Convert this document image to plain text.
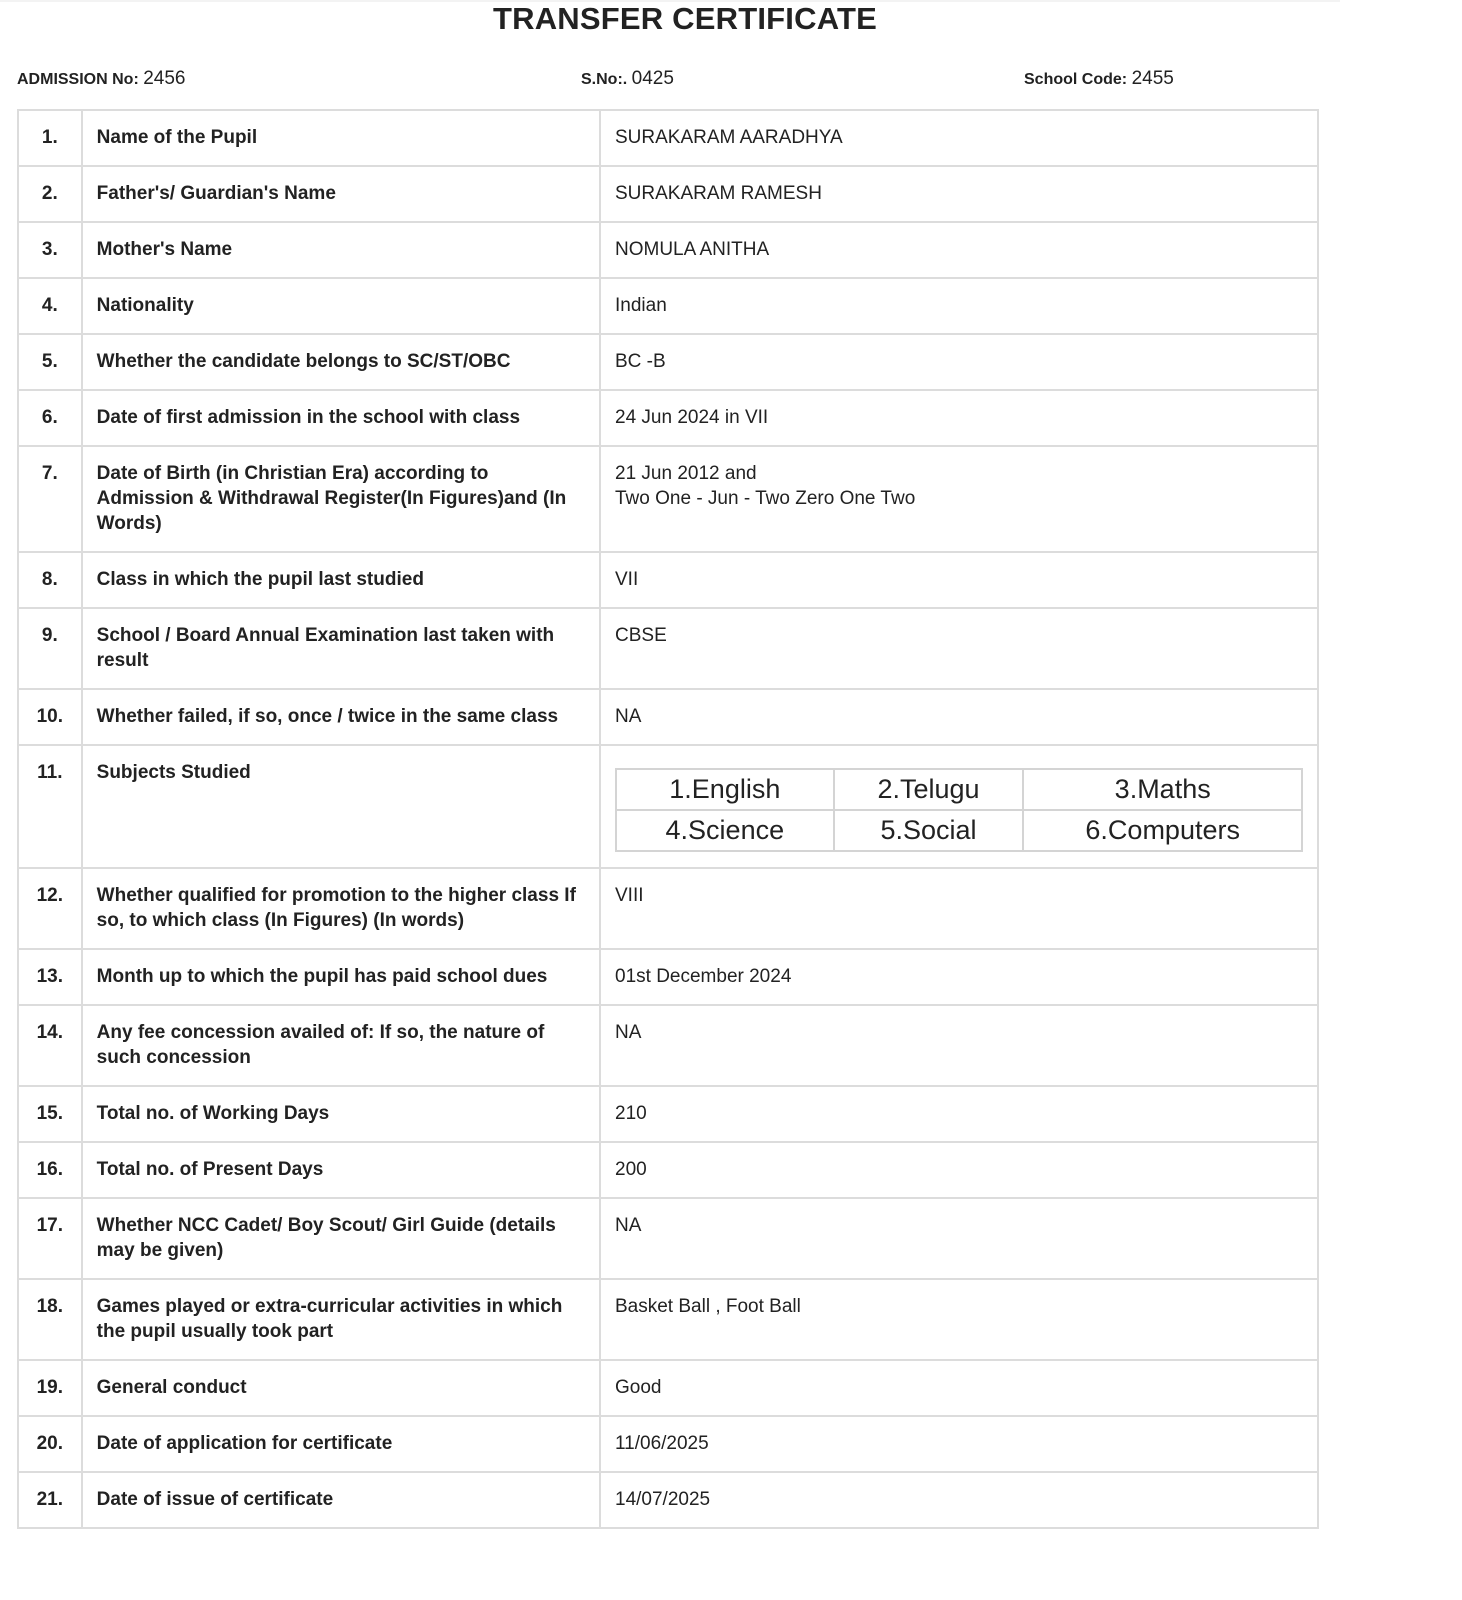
TRANSFER CERTIFICATE
ADMISSION No: 2456	S.No:. 0425	School Code: 2455
1.	Name of the Pupil	SURAKARAM AARADHYA
2.	Father's/ Guardian's Name	SURAKARAM RAMESH
3.	Mother's Name	NOMULA ANITHA
4.	Nationality	Indian
5.	Whether the candidate belongs to SC/ST/OBC	BC -B
6.	Date of first admission in the school with class	24 Jun 2024 in VII
7.	Date of Birth (in Christian Era) according to Admission & Withdrawal Register(In Figures)and (In Words)	
21 Jun 2012 and
Two One - Jun - Two Zero One Two

8.	Class in which the pupil last studied	VII
9.	School / Board Annual Examination last taken with result	CBSE
10.	Whether failed, if so, once / twice in the same class	NA
11.	Subjects Studied	
1.English	2.Telugu	3.Maths
4.Science	5.Social	6.Computers

12.	Whether qualified for promotion to the higher class If so, to which class (In Figures) (In words)	VIII
13.	Month up to which the pupil has paid school dues	01st December 2024
14.	Any fee concession availed of: If so, the nature of such concession	NA
15.	Total no. of Working Days	210
16.	Total no. of Present Days	200
17.	Whether NCC Cadet/ Boy Scout/ Girl Guide (details may be given)	NA
18.	Games played or extra-curricular activities in which the pupil usually took part	Basket Ball , Foot Ball
19.	General conduct	Good
20.	Date of application for certificate	11/06/2025
21.	Date of issue of certificate	14/07/2025
